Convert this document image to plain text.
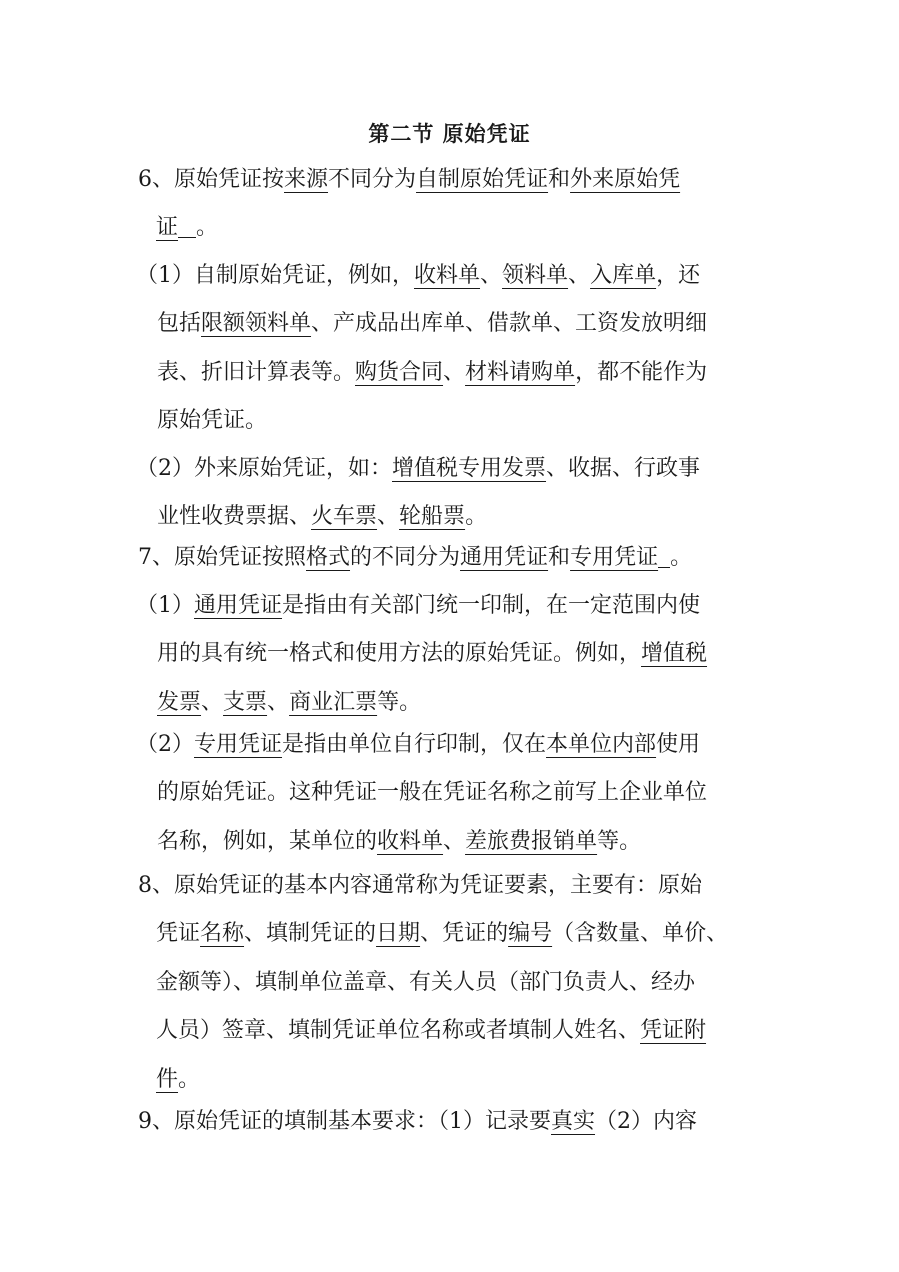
第二节 原始凭证
6、原始凭证按来源不同分为自制原始凭证和外来原始凭
证 。
（1）自制原始凭证，例如，收料单、领料单、入库单，还
包括限额领料单、产成品出库单、借款单、工资发放明细
表、折旧计算表等。购货合同、材料请购单，都不能作为
原始凭证。
（2）外来原始凭证，如：增值税专用发票、收据、行政事
业性收费票据、火车票、轮船票。
7、原始凭证按照格式的不同分为通用凭证和专用凭证 。
（1）通用凭证是指由有关部门统一印制，在一定范围内使
用的具有统一格式和使用方法的原始凭证。例如，增值税
发票、支票、商业汇票等。
（2）专用凭证是指由单位自行印制，仅在本单位内部使用
的原始凭证。这种凭证一般在凭证名称之前写上企业单位
名称，例如，某单位的收料单、差旅费报销单等。
8、原始凭证的基本内容通常称为凭证要素，主要有：原始
凭证名称、填制凭证的日期、凭证的编号（含数量、单价、
金额等）、填制单位盖章、有关人员（部门负责人、经办
人员）签章、填制凭证单位名称或者填制人姓名、凭证附
件。
9、原始凭证的填制基本要求：（1）记录要真实（2）内容
